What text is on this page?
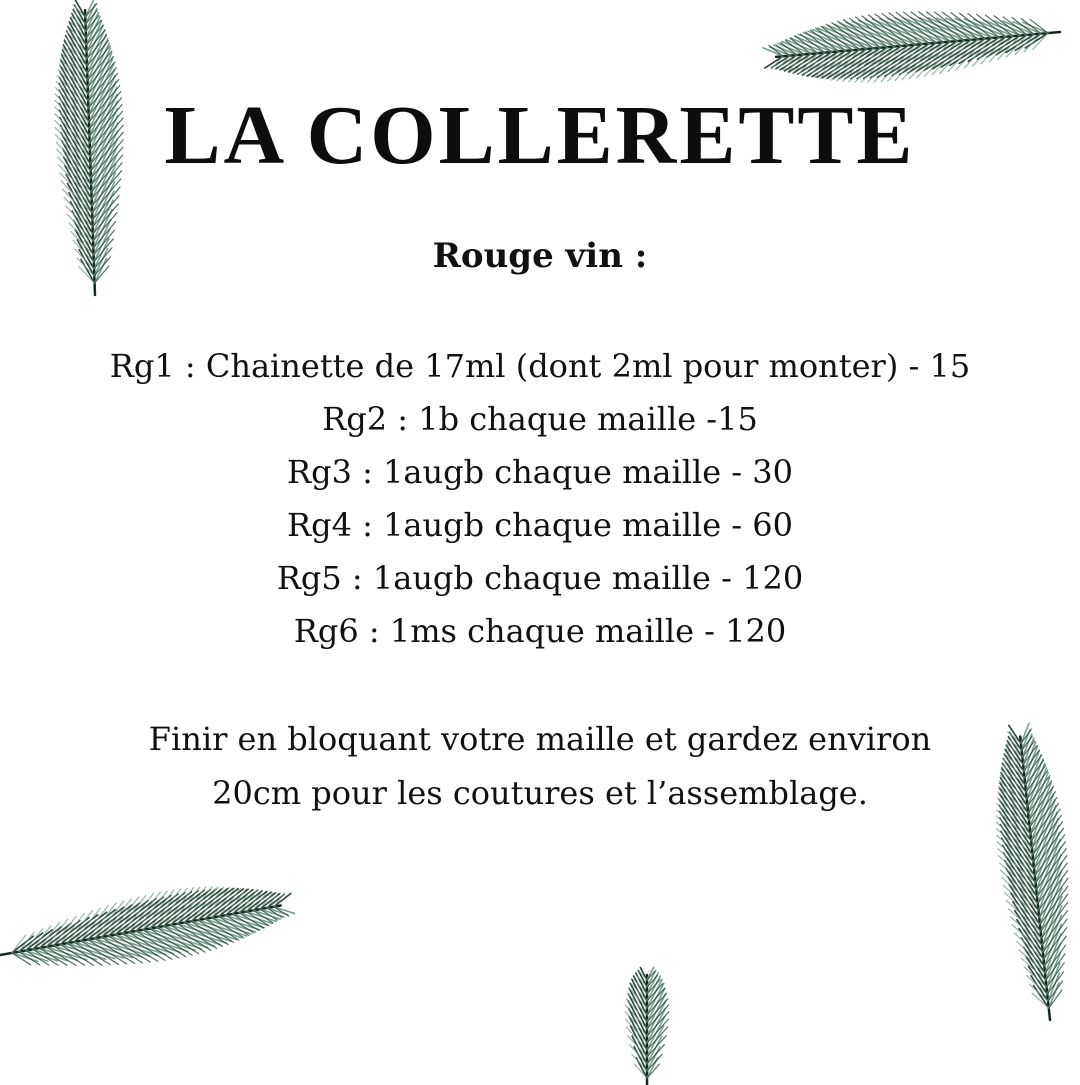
LA COLLERETTE
Rouge vin :
Rg1 : Chainette de 17ml (dont 2ml pour monter) - 15
Rg2 : 1b chaque maille -15
Rg3 : 1augb chaque maille - 30
Rg4 : 1augb chaque maille - 60
Rg5 : 1augb chaque maille - 120
Rg6 : 1ms chaque maille - 120
Finir en bloquant votre maille et gardez environ
20cm pour les coutures et l’assemblage.
